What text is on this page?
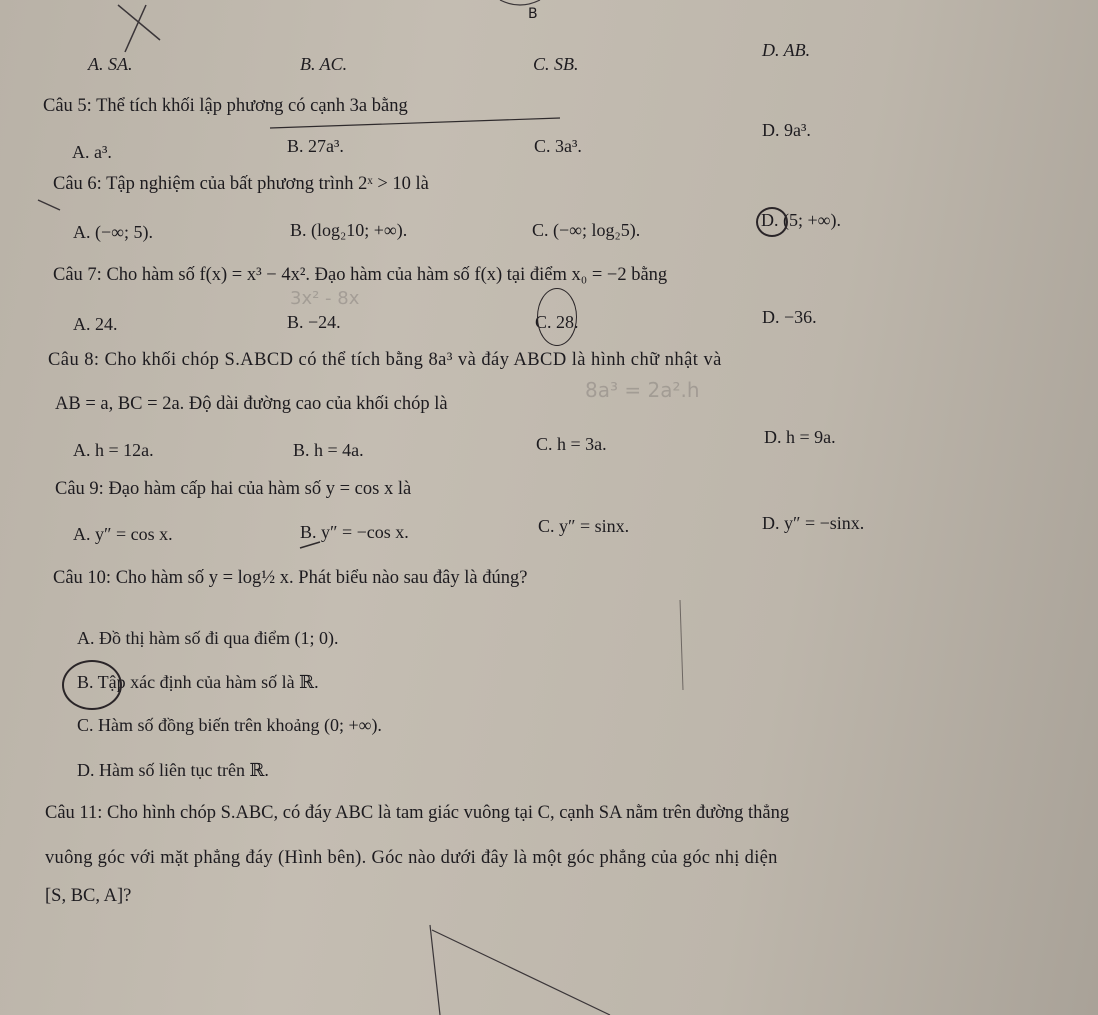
B
A. SA.	B. AC.	C. SB.
D. AB.
Câu 5: Thể tích khối lập phương có cạnh 3a bằng
A. a³.	B. 27a³.	C. 3a³.
D. 9a³.
Câu 6: Tập nghiệm của bất phương trình 2ˣ > 10 là
A. (−∞; 5).	B. (log₂10; +∞).	C. (−∞; log₂5).	D. (5; +∞).
Câu 7: Cho hàm số f(x) = x³ − 4x². Đạo hàm của hàm số f(x) tại điểm x₀ = −2 bằng
3x² - 8x
A. 24.	B. −24.	C. 28.	D. −36.
Câu 8: Cho khối chóp S.ABCD có thể tích bằng 8a³ và đáy ABCD là hình chữ nhật và
AB = a, BC = 2a. Độ dài đường cao của khối chóp là
8a³ = 2a².h
A. h = 12a.	B. h = 4a.	C. h = 3a.	D. h = 9a.
Câu 9: Đạo hàm cấp hai của hàm số y = cos x là
A. y″ = cos x.	B. y″ = −cos x.	C. y″ = sinx.	D. y″ = −sinx.
Câu 10: Cho hàm số y = log½ x. Phát biểu nào sau đây là đúng?
A. Đồ thị hàm số đi qua điểm (1; 0).
B. Tập xác định của hàm số là ℝ.
C. Hàm số đồng biến trên khoảng (0; +∞).
D. Hàm số liên tục trên ℝ.
Câu 11: Cho hình chóp S.ABC, có đáy ABC là tam giác vuông tại C, cạnh SA nằm trên đường thẳng
vuông góc với mặt phẳng đáy (Hình bên). Góc nào dưới đây là một góc phẳng của góc nhị diện
[S, BC, A]?
